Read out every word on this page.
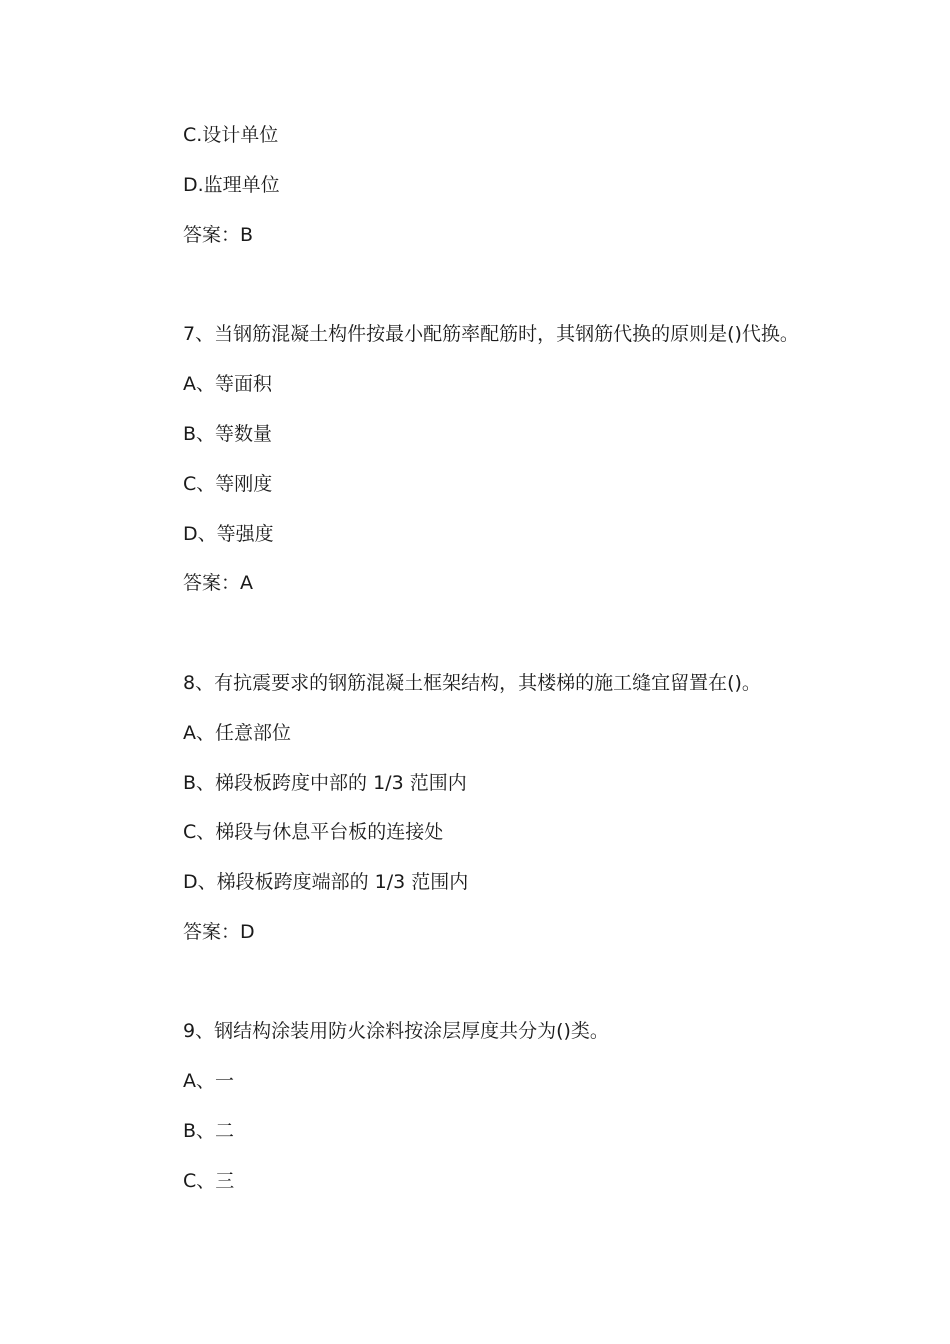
C.设计单位
D.监理单位
答案：B
7、当钢筋混凝土构件按最小配筋率配筋时，其钢筋代换的原则是()代换。
A、等面积
B、等数量
C、等刚度
D、等强度
答案：A
8、有抗震要求的钢筋混凝土框架结构，其楼梯的施工缝宜留置在()。
A、任意部位
B、梯段板跨度中部的 1/3 范围内
C、梯段与休息平台板的连接处
D、梯段板跨度端部的 1/3 范围内
答案：D
9、钢结构涂装用防火涂料按涂层厚度共分为()类。
A、一
B、二
C、三
